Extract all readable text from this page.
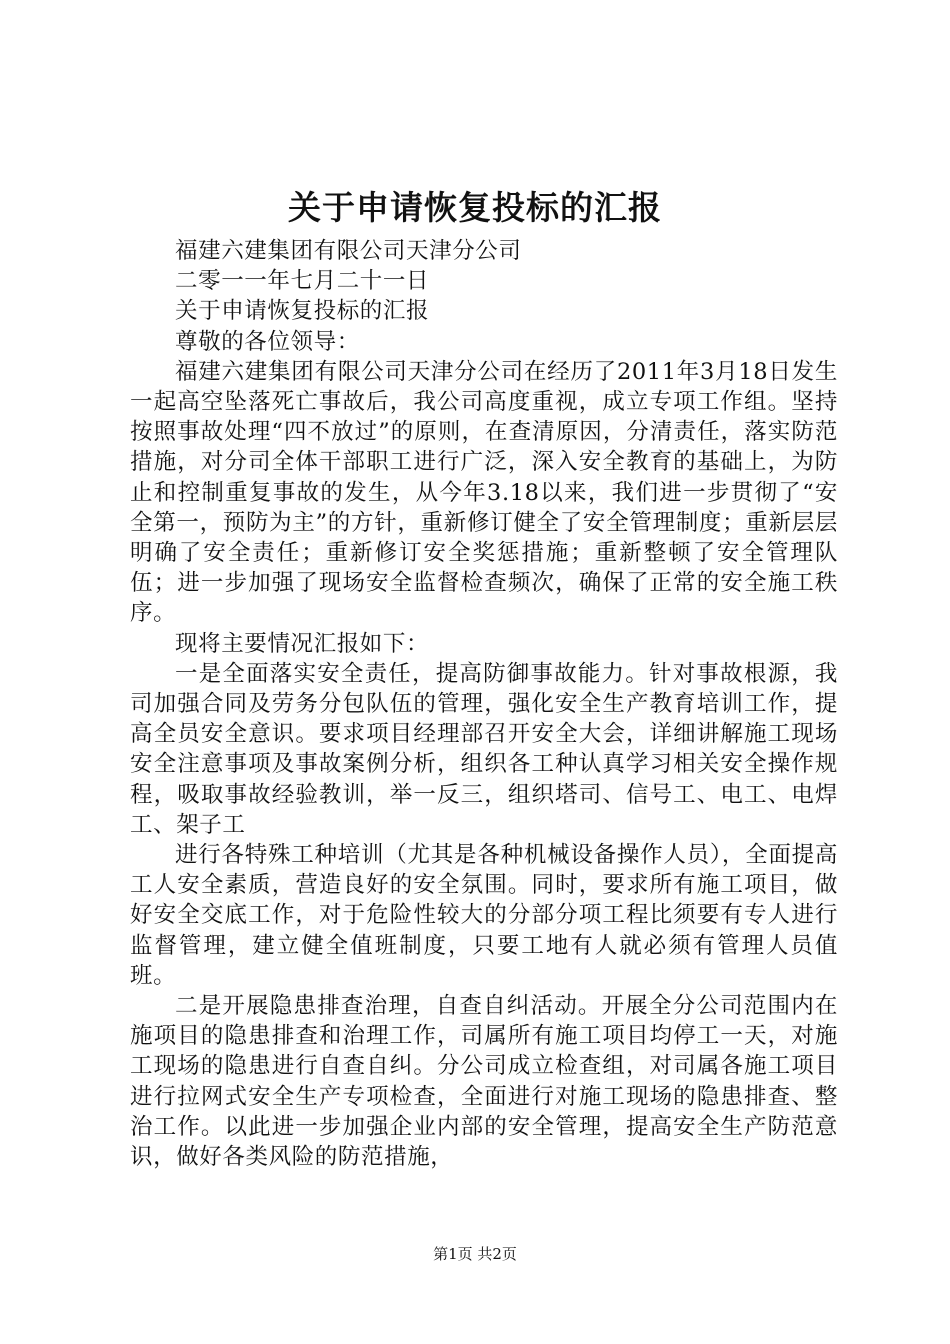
关于申请恢复投标的汇报

福建六建集团有限公司天津分公司

二零一一年七月二十一日

关于申请恢复投标的汇报

尊敬的各位领导：

福建六建集团有限公司天津分公司在经历了2011年3月18日发生一起高空坠落死亡事故后，我公司高度重视，成立专项工作组。坚持按照事故处理“四不放过”的原则，在查清原因，分清责任，落实防范措施，对分司全体干部职工进行广泛，深入安全教育的基础上，为防止和控制重复事故的发生，从今年3.18以来，我们进一步贯彻了“安全第一，预防为主”的方针，重新修订健全了安全管理制度；重新层层明确了安全责任；重新修订安全奖惩措施；重新整顿了安全管理队伍；进一步加强了现场安全监督检查频次，确保了正常的安全施工秩序。

现将主要情况汇报如下：

一是全面落实安全责任，提高防御事故能力。针对事故根源，我司加强合同及劳务分包队伍的管理，强化安全生产教育培训工作，提高全员安全意识。要求项目经理部召开安全大会，详细讲解施工现场安全注意事项及事故案例分析，组织各工种认真学习相关安全操作规程，吸取事故经验教训，举一反三，组织塔司、信号工、电工、电焊工、架子工

进行各特殊工种培训（尤其是各种机械设备操作人员），全面提高工人安全素质，营造良好的安全氛围。同时，要求所有施工项目，做好安全交底工作，对于危险性较大的分部分项工程比须要有专人进行监督管理，建立健全值班制度，只要工地有人就必须有管理人员值班。

二是开展隐患排查治理，自查自纠活动。开展全分公司范围内在施项目的隐患排查和治理工作，司属所有施工项目均停工一天，对施工现场的隐患进行自查自纠。分公司成立检查组，对司属各施工项目进行拉网式安全生产专项检查，全面进行对施工现场的隐患排查、整治工作。以此进一步加强企业内部的安全管理，提高安全生产防范意识，做好各类风险的防范措施，

第1页 共2页
